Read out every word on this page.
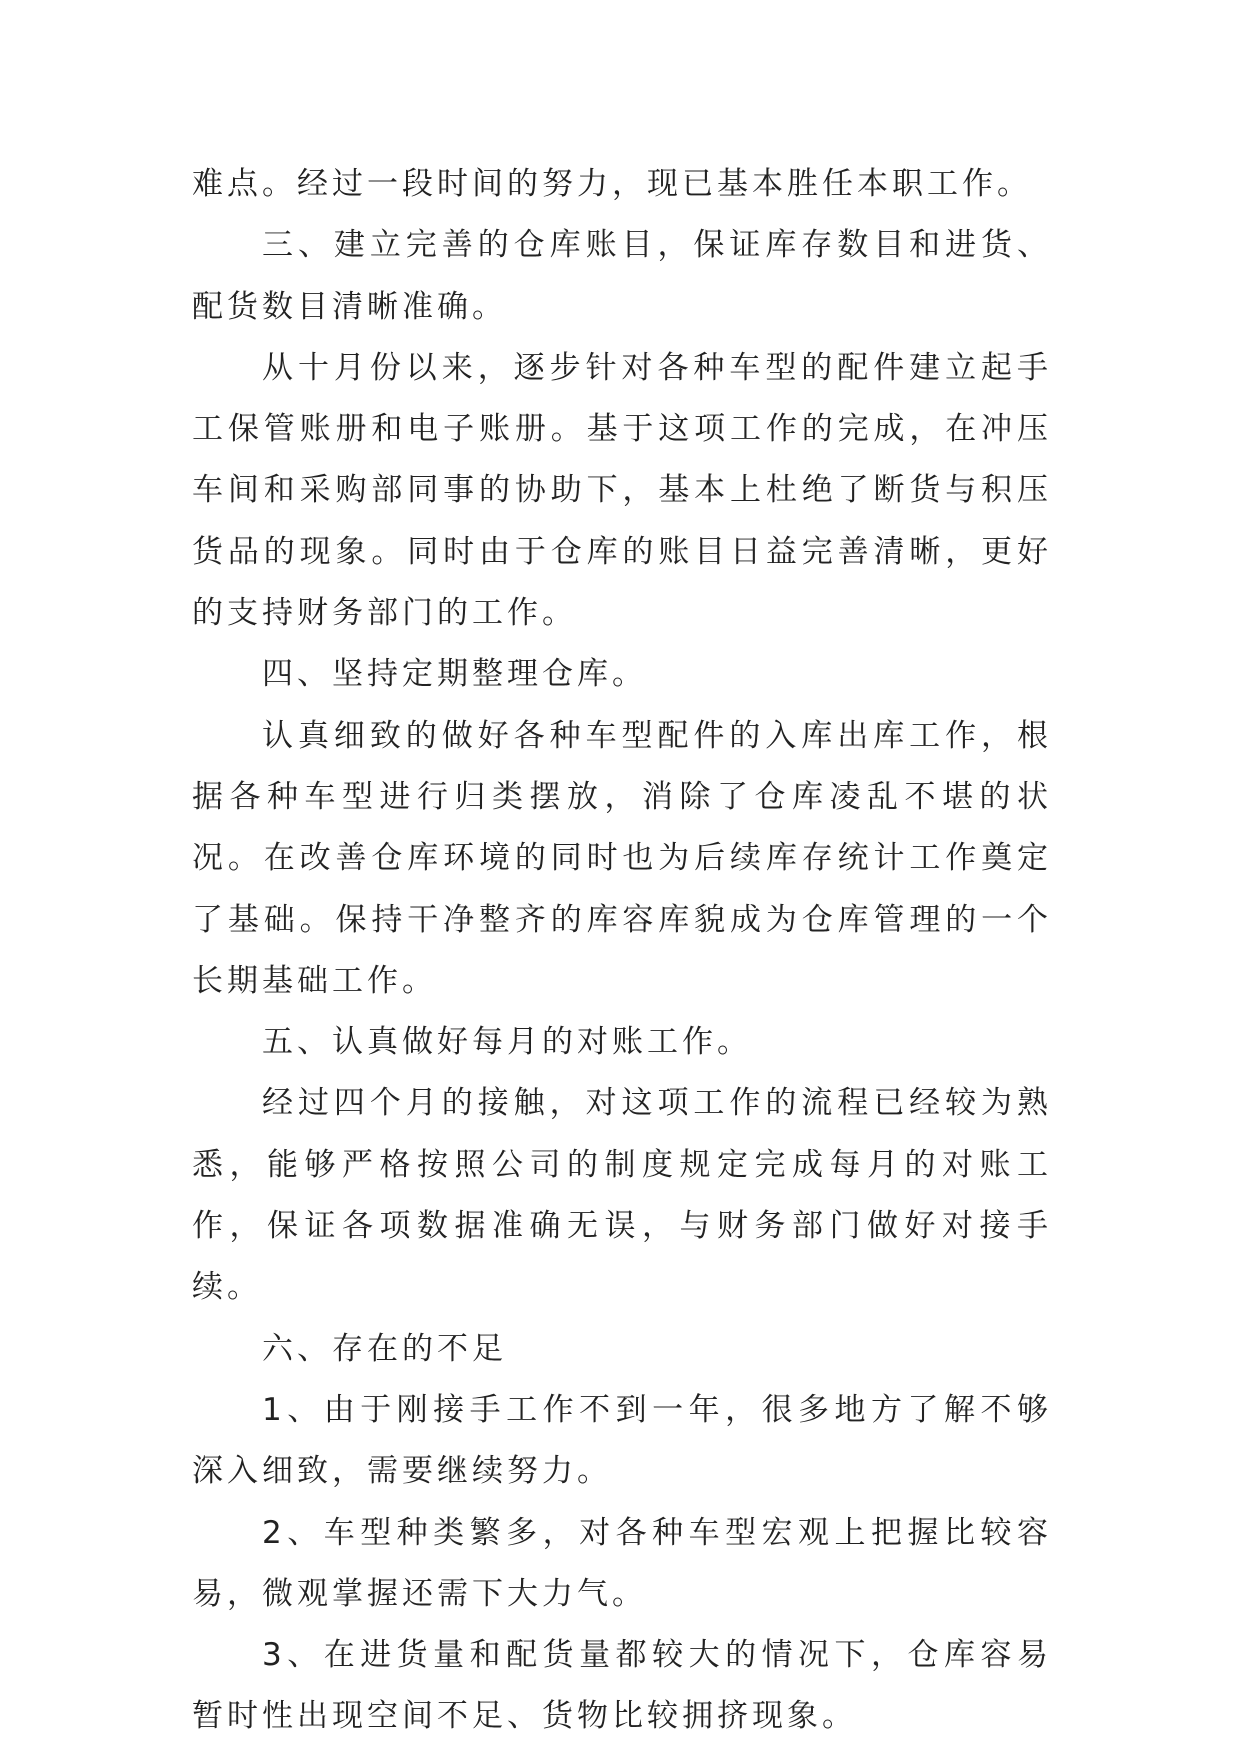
难点。经过一段时间的努力，现已基本胜任本职工作。

三、建立完善的仓库账目，保证库存数目和进货、配货数目清晰准确。

从十月份以来，逐步针对各种车型的配件建立起手工保管账册和电子账册。基于这项工作的完成，在冲压车间和采购部同事的协助下，基本上杜绝了断货与积压货品的现象。同时由于仓库的账目日益完善清晰，更好的支持财务部门的工作。

四、坚持定期整理仓库。

认真细致的做好各种车型配件的入库出库工作，根据各种车型进行归类摆放，消除了仓库凌乱不堪的状况。在改善仓库环境的同时也为后续库存统计工作奠定了基础。保持干净整齐的库容库貌成为仓库管理的一个长期基础工作。

五、认真做好每月的对账工作。

经过四个月的接触，对这项工作的流程已经较为熟悉，能够严格按照公司的制度规定完成每月的对账工作，保证各项数据准确无误，与财务部门做好对接手续。

六、存在的不足

1、由于刚接手工作不到一年，很多地方了解不够深入细致，需要继续努力。

2、车型种类繁多，对各种车型宏观上把握比较容易，微观掌握还需下大力气。

3、在进货量和配货量都较大的情况下，仓库容易暂时性出现空间不足、货物比较拥挤现象。
